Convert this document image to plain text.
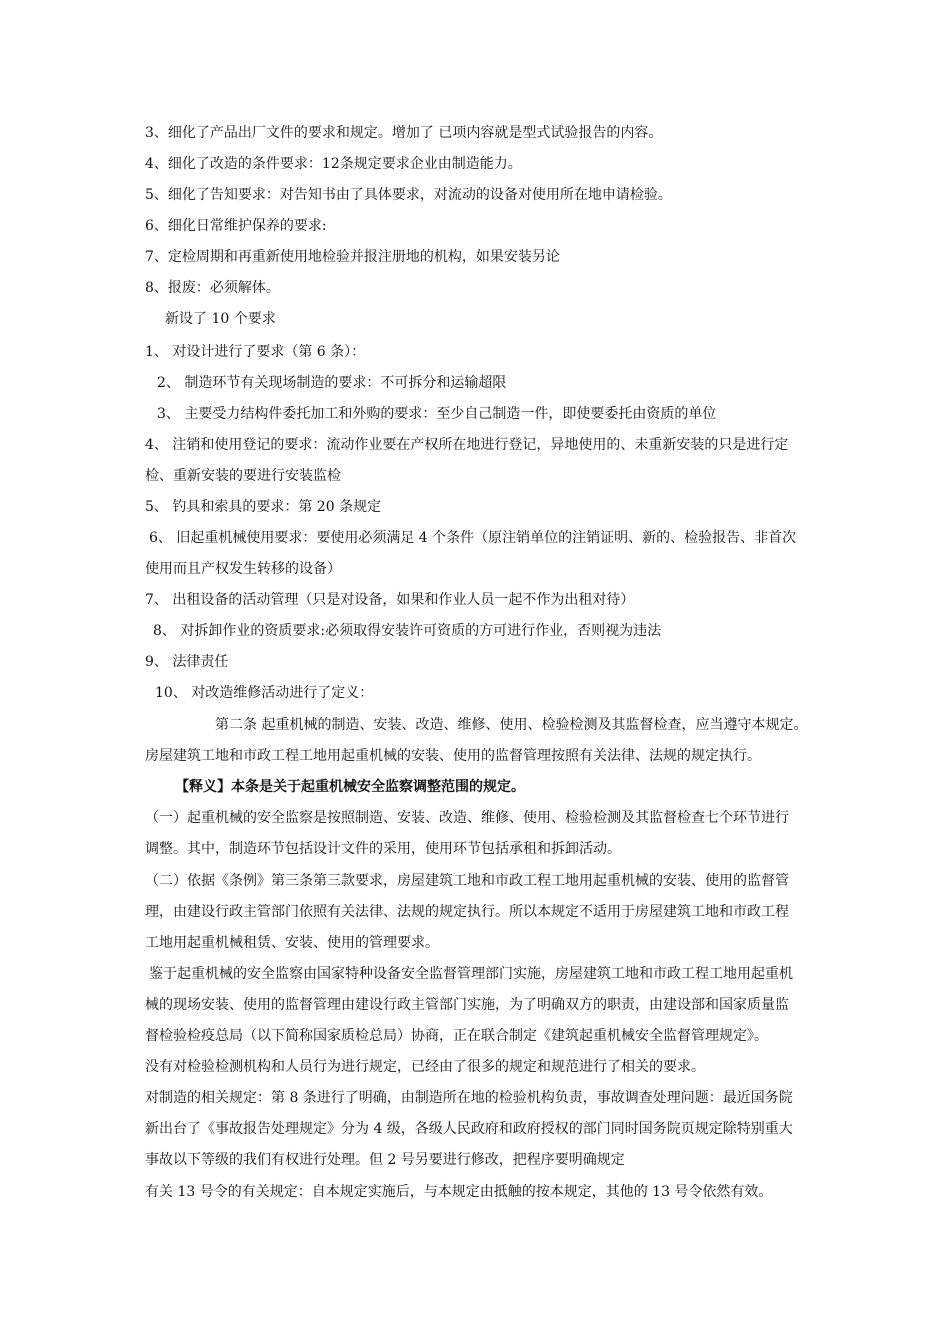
3、细化了产品出厂文件的要求和规定。增加了 已项内容就是型式试验报告的内容。
4、细化了改造的条件要求：12条规定要求企业由制造能力。
5、细化了告知要求：对告知书由了具体要求，对流动的设备对使用所在地申请检验。
6、细化日常维护保养的要求:
7、定检周期和再重新使用地检验并报注册地的机构，如果安装另论
8、报废：必须解体。
新设了 10 个要求
1、 对设计进行了要求（第 6 条）：
2、 制造环节有关现场制造的要求：不可拆分和运输超限
3、 主要受力结构件委托加工和外购的要求：至少自己制造一件，即使要委托由资质的单位
4、 注销和使用登记的要求：流动作业要在产权所在地进行登记，异地使用的、未重新安装的只是进行定
检、重新安装的要进行安装监检
5、 钓具和索具的要求：第 20 条规定
6、 旧起重机械使用要求：要使用必须满足 4 个条件（原注销单位的注销证明、新的、检验报告、非首次
使用而且产权发生转移的设备）
7、 出租设备的活动管理（只是对设备，如果和作业人员一起不作为出租对待）
8、 对拆卸作业的资质要求:必须取得安装许可资质的方可进行作业，否则视为违法
9、 法律责任
10、 对改造维修活动进行了定义：
第二条 起重机械的制造、安装、改造、维修、使用、检验检测及其监督检查，应当遵守本规定。
房屋建筑工地和市政工程工地用起重机械的安装、使用的监督管理按照有关法律、法规的规定执行。
【释义】本条是关于起重机械安全监察调整范围的规定。
（一）起重机械的安全监察是按照制造、安装、改造、维修、使用、检验检测及其监督检查七个环节进行
调整。其中，制造环节包括设计文件的采用，使用环节包括承租和拆卸活动。
（二）依据《条例》第三条第三款要求，房屋建筑工地和市政工程工地用起重机械的安装、使用的监督管
理，由建设行政主管部门依照有关法律、法规的规定执行。所以本规定不适用于房屋建筑工地和市政工程
工地用起重机械租赁、安装、使用的管理要求。
鉴于起重机械的安全监察由国家特种设备安全监督管理部门实施，房屋建筑工地和市政工程工地用起重机
械的现场安装、使用的监督管理由建设行政主管部门实施，为了明确双方的职责，由建设部和国家质量监
督检验检疫总局（以下简称国家质检总局）协商，正在联合制定《建筑起重机械安全监督管理规定》。
没有对检验检测机构和人员行为进行规定，已经由了很多的规定和规范进行了相关的要求。
对制造的相关规定：第 8 条进行了明确，由制造所在地的检验机构负责，事故调查处理问题：最近国务院
新出台了《事故报告处理规定》分为 4 级，各级人民政府和政府授权的部门同时国务院页规定除特别重大
事故以下等级的我们有权进行处理。但 2 号另要进行修改，把程序要明确规定
有关 13 号令的有关规定：自本规定实施后，与本规定由抵触的按本规定，其他的 13 号令依然有效。
